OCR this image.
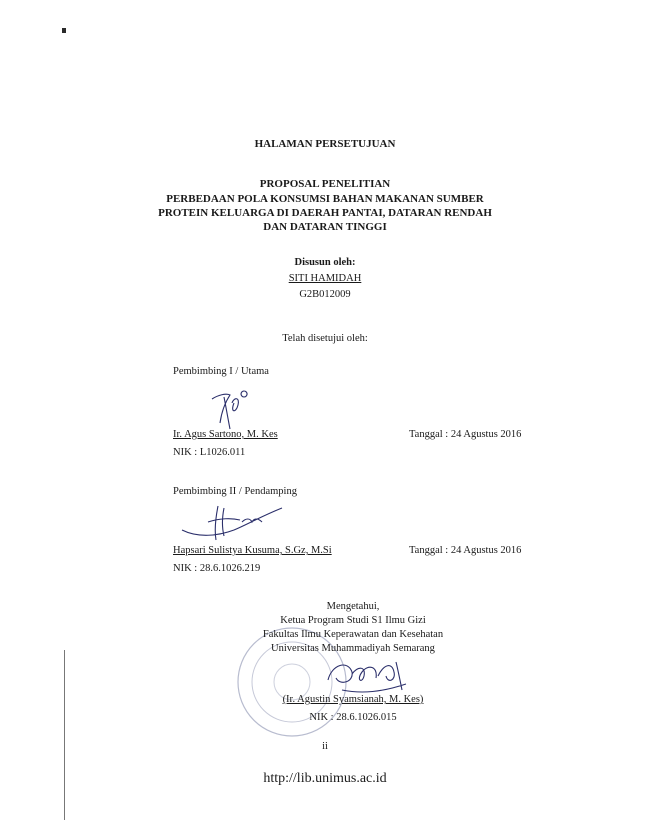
HALAMAN PERSETUJUAN
PROPOSAL PENELITIAN
PERBEDAAN POLA KONSUMSI BAHAN MAKANAN SUMBER
PROTEIN KELUARGA DI DAERAH PANTAI, DATARAN RENDAH
DAN DATARAN TINGGI
Disusun oleh:
SITI HAMIDAH
G2B012009
Telah disetujui oleh:
Pembimbing I / Utama
Ir. Agus Sartono, M. Kes	Tanggal : 24 Agustus 2016
NIK : L1026.011
Pembimbing II / Pendamping
Hapsari Sulistya Kusuma, S.Gz, M.Si	Tanggal : 24 Agustus 2016
NIK : 28.6.1026.219
Mengetahui,
Ketua Program Studi S1 Ilmu Gizi
Fakultas Ilmu Keperawatan dan Kesehatan
Universitas Muhammadiyah Semarang
(Ir. Agustin Syamsianah, M. Kes)
NIK : 28.6.1026.015
ii
http://lib.unimus.ac.id
